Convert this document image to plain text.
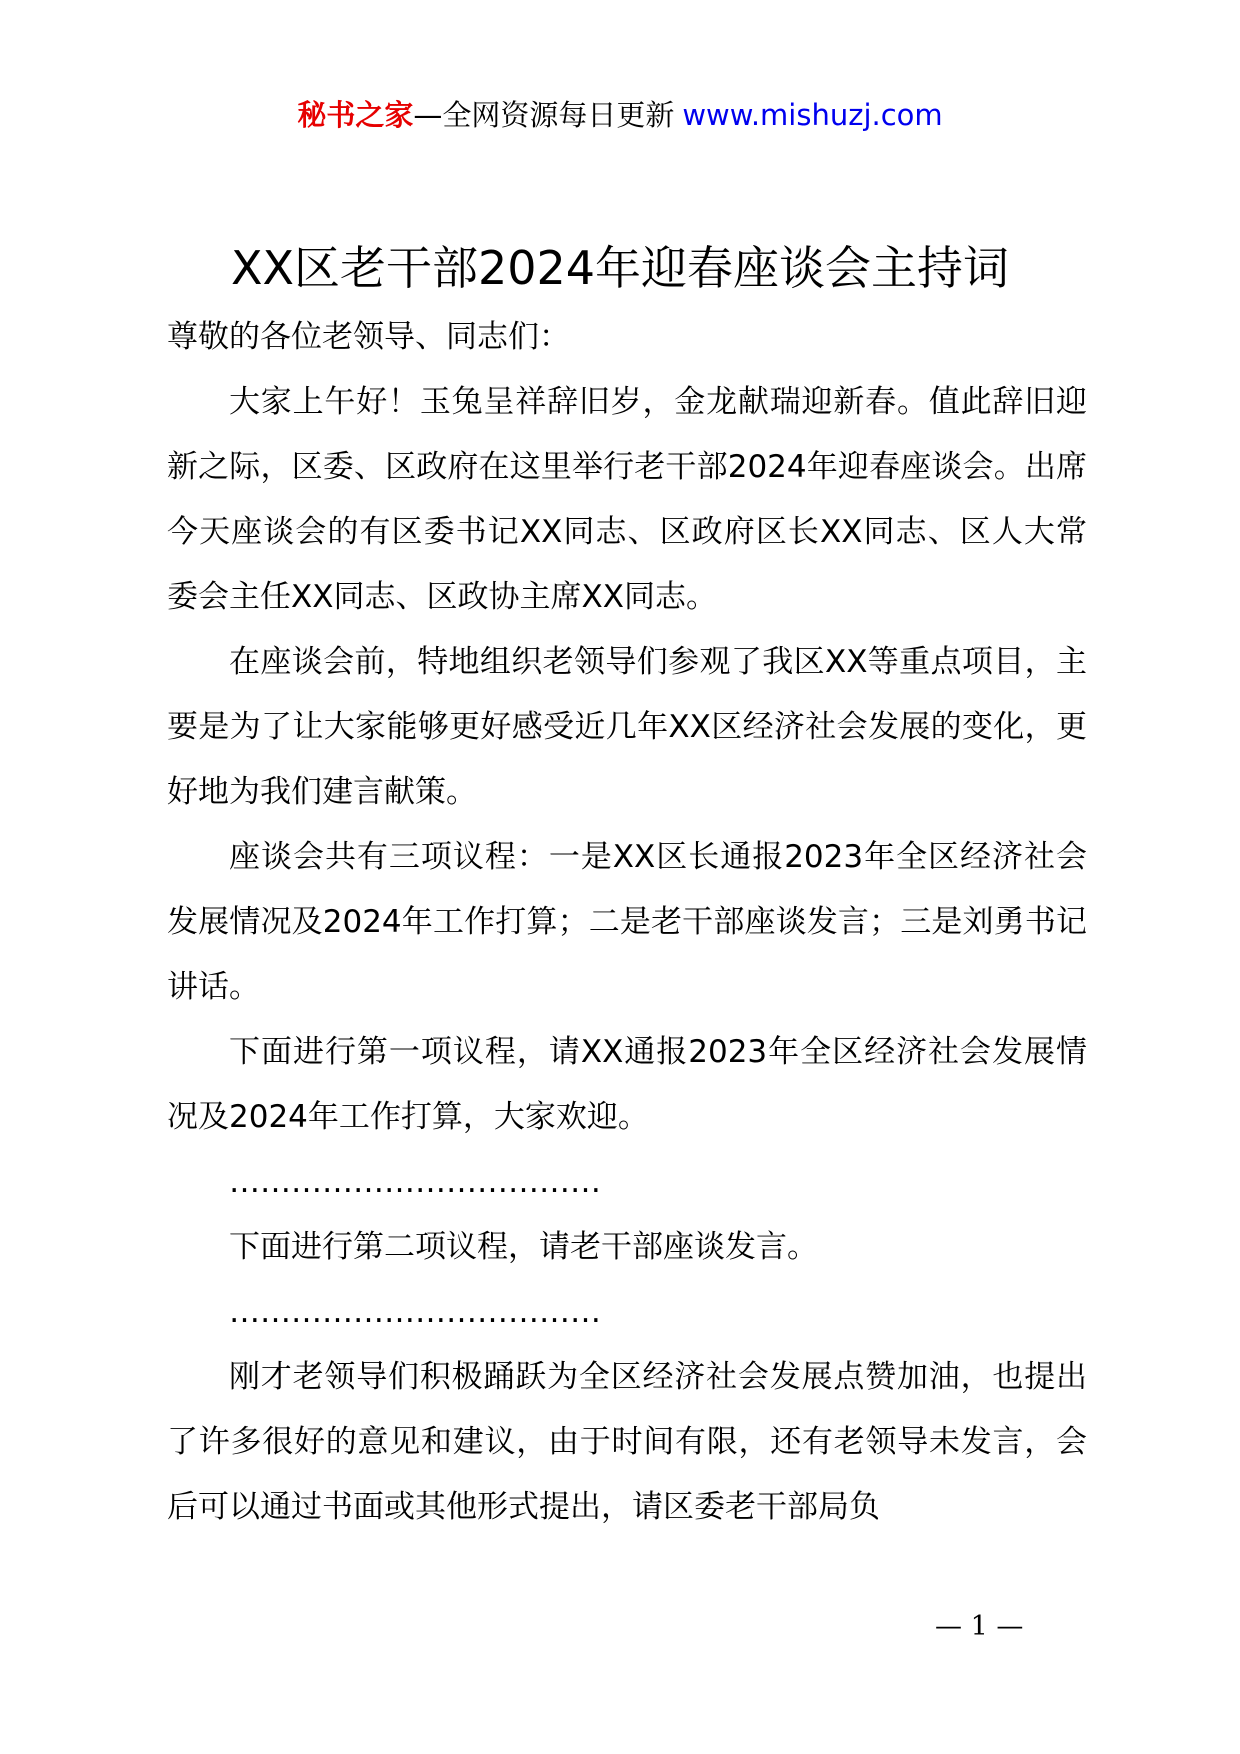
秘书之家—全网资源每日更新 www.mishuzj.com
XX区老干部2024年迎春座谈会主持词

尊敬的各位老领导、同志们：

大家上午好！玉兔呈祥辞旧岁，金龙献瑞迎新春。值此辞旧迎新之际，区委、区政府在这里举行老干部2024年迎春座谈会。出席今天座谈会的有区委书记XX同志、区政府区长XX同志、区人大常委会主任XX同志、区政协主席XX同志。

在座谈会前，特地组织老领导们参观了我区XX等重点项目，主要是为了让大家能够更好感受近几年XX区经济社会发展的变化，更好地为我们建言献策。

座谈会共有三项议程：一是XX区长通报2023年全区经济社会发展情况及2024年工作打算；二是老干部座谈发言；三是刘勇书记讲话。

下面进行第一项议程，请XX通报2023年全区经济社会发展情况及2024年工作打算，大家欢迎。

………………………………

下面进行第二项议程，请老干部座谈发言。

………………………………

刚才老领导们积极踊跃为全区经济社会发展点赞加油，也提出了许多很好的意见和建议，由于时间有限，还有老领导未发言，会后可以通过书面或其他形式提出，请区委老干部局负

— 1 —
